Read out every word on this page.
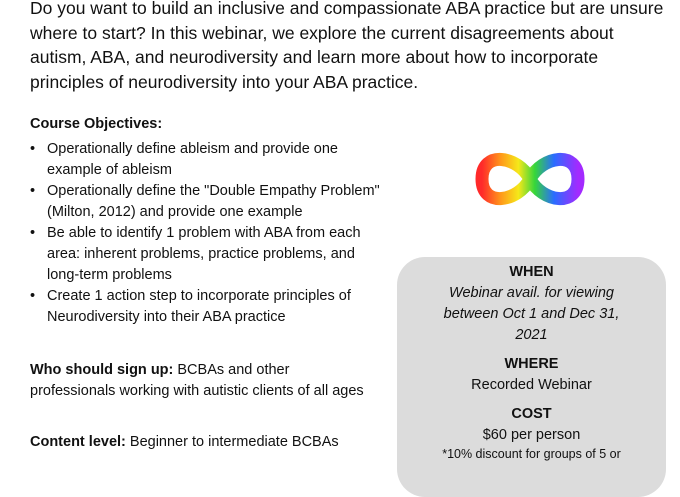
Do you want to build an inclusive and compassionate ABA practice but are unsure where to start? In this webinar, we explore the current disagreements about autism, ABA, and neurodiversity and learn more about how to incorporate principles of neurodiversity into your ABA practice.

Course Objectives:

• Operationally define ableism and provide one example of ableism
• Operationally define the "Double Empathy Problem" (Milton, 2012) and provide one example
• Be able to identify 1 problem with ABA from each area: inherent problems, practice problems, and long-term problems
• Create 1 action step to incorporate principles of Neurodiversity into their ABA practice

Who should sign up: BCBAs and other professionals working with autistic clients of all ages

Content level: Beginner to intermediate BCBAs

WHEN

Webinar avail. for viewing between Oct 1 and Dec 31, 2021

WHERE

Recorded Webinar

COST

$60 per person

*10% discount for groups of 5 or
